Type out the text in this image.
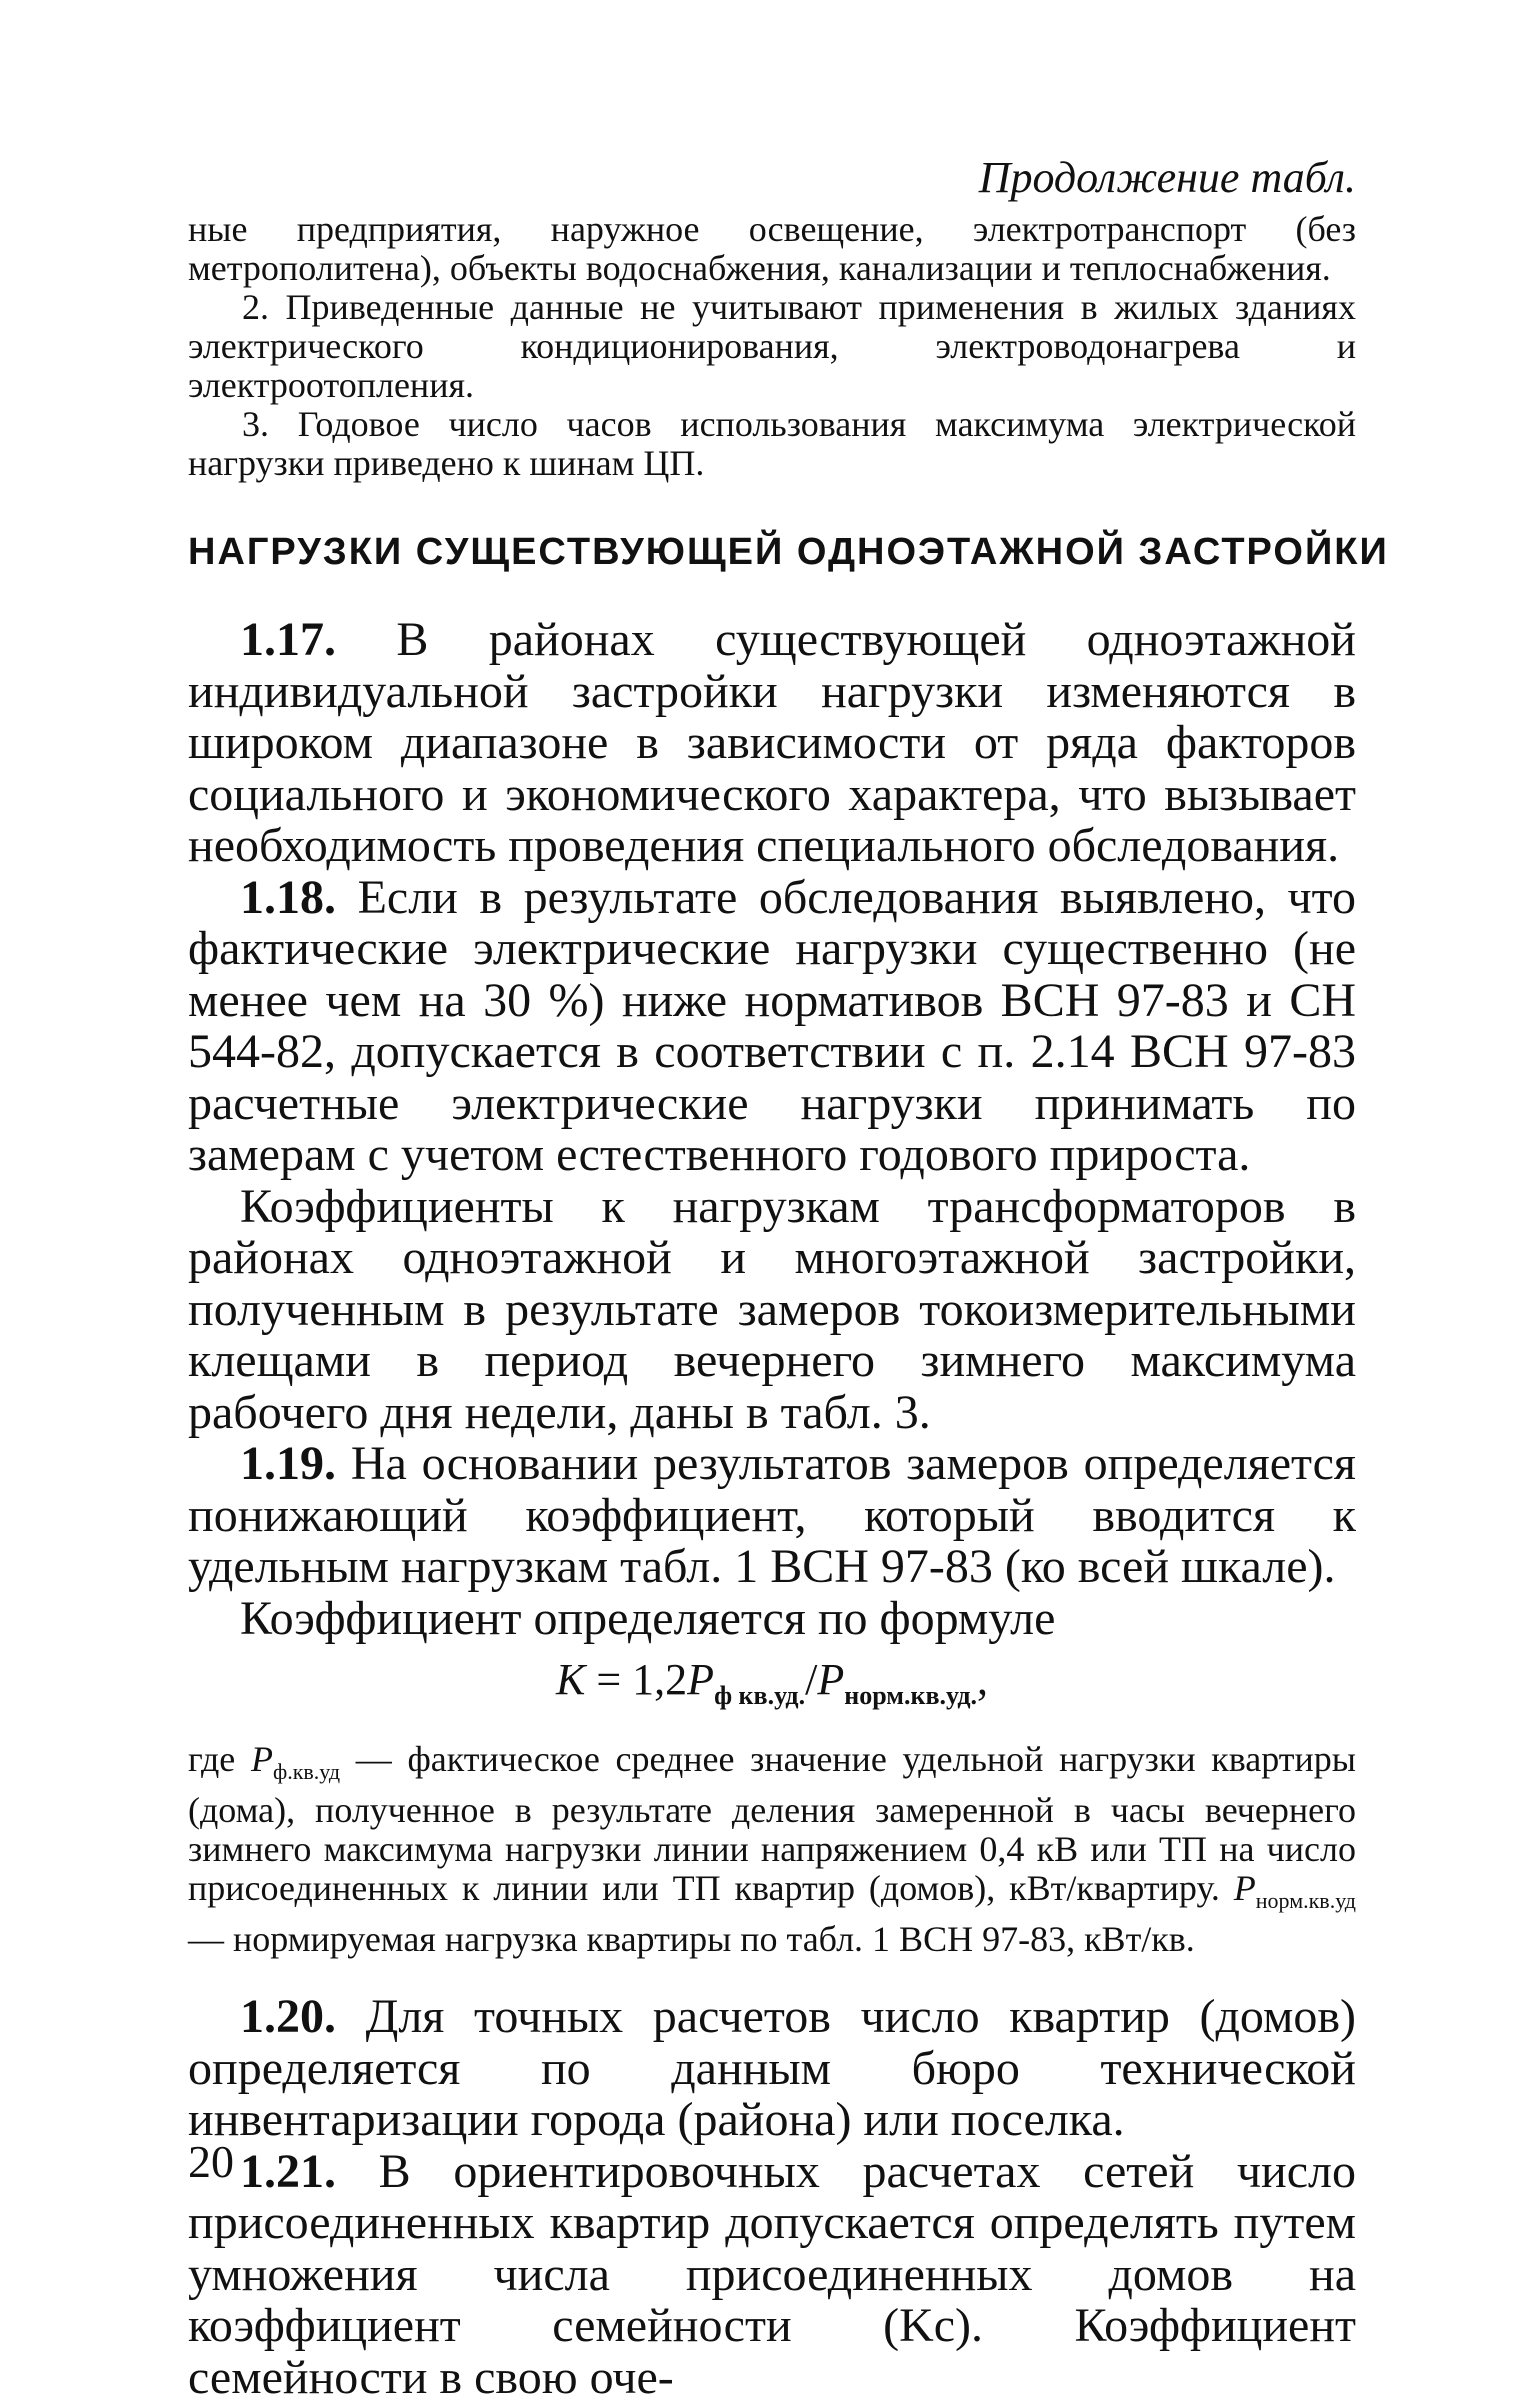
Продолжение табл.

ные предприятия, наружное освещение, электротранспорт (без метрополитена), объекты водоснабжения, канализации и теплоснабжения.

2. Приведенные данные не учитывают применения в жилых зданиях электрического кондиционирования, электроводонагрева и электроотопления.

3. Годовое число часов использования максимума электрической нагрузки приведено к шинам ЦП.

НАГРУЗКИ СУЩЕСТВУЮЩЕЙ ОДНОЭТАЖНОЙ ЗАСТРОЙКИ

1.17. В районах существующей одноэтажной индивидуальной застройки нагрузки изменяются в широком диапазоне в зависимости от ряда факторов социального и экономического характера, что вызывает необходимость проведения специального обследования.

1.18. Если в результате обследования выявлено, что фактические электрические нагрузки существенно (не менее чем на 30 %) ниже нормативов ВСН 97-83 и СН 544-82, допускается в соответствии с п. 2.14 ВСН 97-83 расчетные электрические нагрузки принимать по замерам с учетом естественного годового прироста.

Коэффициенты к нагрузкам трансформаторов в районах одноэтажной и многоэтажной застройки, полученным в результате замеров токоизмерительными клещами в период вечернего зимнего максимума рабочего дня недели, даны в табл. 3.

1.19. На основании результатов замеров определяется понижающий коэффициент, который вводится к удельным нагрузкам табл. 1 ВСН 97-83 (ко всей шкале).

Коэффициент определяется по формуле

$K = 1,2P_{ф кв.уд.}/P_{норм.кв.уд.}$,
где $P_{ф.кв.уд}$ — фактическое среднее значение удельной нагрузки квартиры (дома), полученное в результате деления замеренной в часы вечернего зимнего максимума нагрузки линии напряжением 0,4 кВ или ТП на число присоединенных к линии или ТП квартир (домов), кВт/квартиру. $P_{норм.кв.уд}$ — нормируемая нагрузка квартиры по табл. 1 ВСН 97-83, кВт/кв.

1.20. Для точных расчетов число квартир (домов) определяется по данным бюро технической инвентаризации города (района) или поселка.

1.21. В ориентировочных расчетах сетей число присоединенных квартир допускается определять путем умножения числа присоединенных домов на коэффициент семейности (Kс). Коэффициент семейности в свою оче-

20
